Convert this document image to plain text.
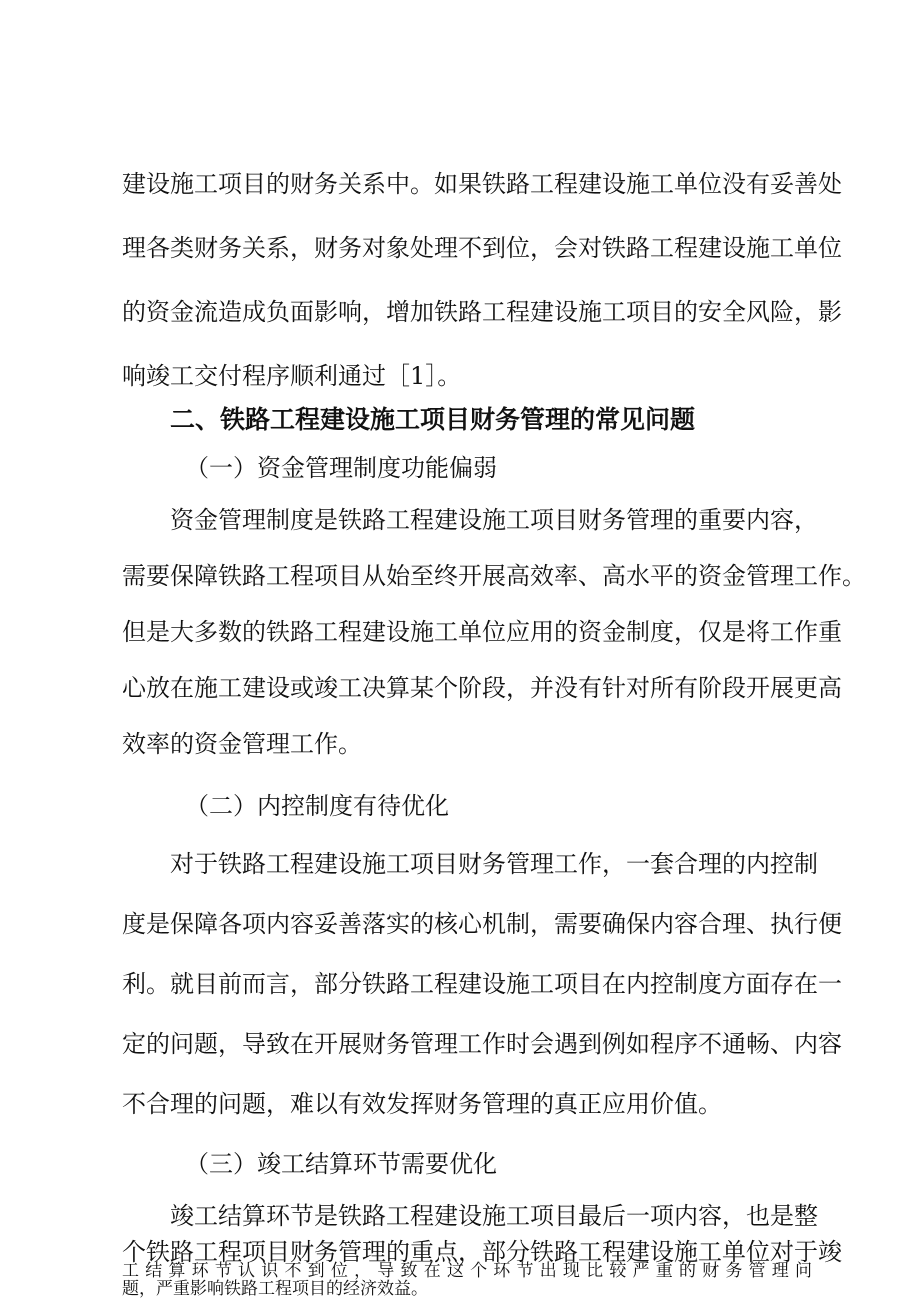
建设施工项目的财务关系中。如果铁路工程建设施工单位没有妥善处
理各类财务关系，财务对象处理不到位，会对铁路工程建设施工单位
的资金流造成负面影响，增加铁路工程建设施工项目的安全风险，影
响竣工交付程序顺利通过［1］。
二、铁路工程建设施工项目财务管理的常见问题
（一）资金管理制度功能偏弱
资金管理制度是铁路工程建设施工项目财务管理的重要内容，
需要保障铁路工程项目从始至终开展高效率、高水平的资金管理工作。
但是大多数的铁路工程建设施工单位应用的资金制度，仅是将工作重
心放在施工建设或竣工决算某个阶段，并没有针对所有阶段开展更高
效率的资金管理工作。
（二）内控制度有待优化
对于铁路工程建设施工项目财务管理工作，一套合理的内控制
度是保障各项内容妥善落实的核心机制，需要确保内容合理、执行便
利。就目前而言，部分铁路工程建设施工项目在内控制度方面存在一
定的问题，导致在开展财务管理工作时会遇到例如程序不通畅、内容
不合理的问题，难以有效发挥财务管理的真正应用价值。
（三）竣工结算环节需要优化
竣工结算环节是铁路工程建设施工项目最后一项内容，也是整
个铁路工程项目财务管理的重点，部分铁路工程建设施工单位对于竣
工结算环节认识不到位，导致在这个环节出现比较严重的财务管理问
题，严重影响铁路工程项目的经济效益。
